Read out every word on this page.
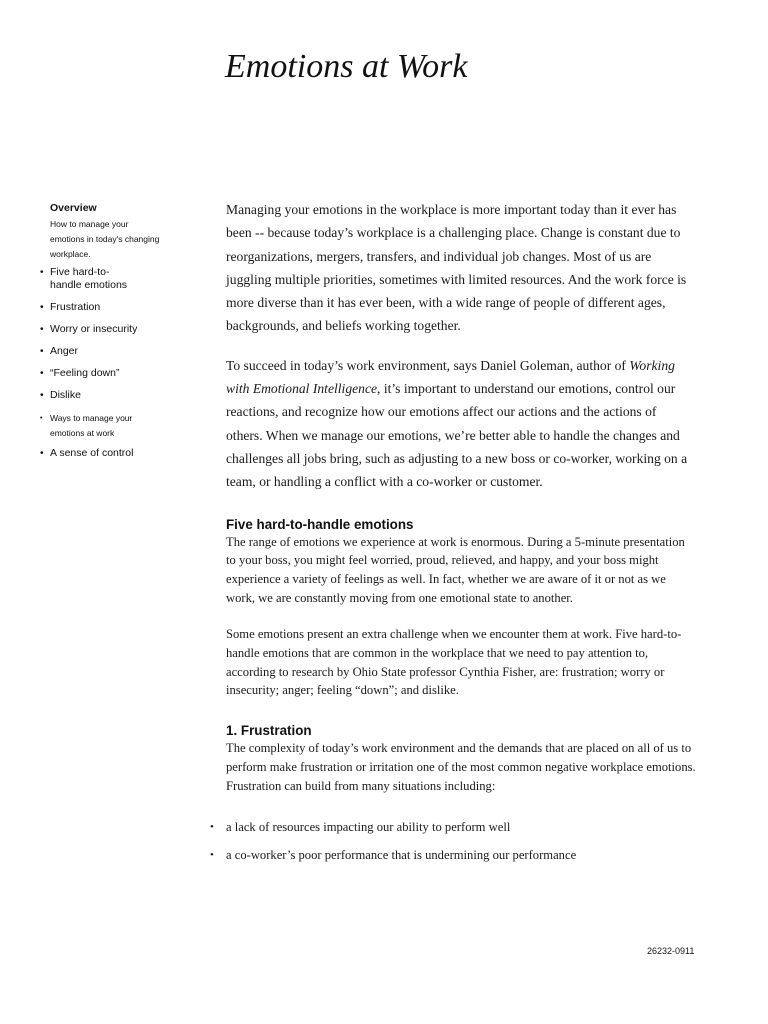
Emotions at Work
Overview
How to manage your emotions in today's changing workplace.
• Five hard-to-handle emotions
• Frustration
• Worry or insecurity
• Anger
• “Feeling down”
• Dislike
• Ways to manage your emotions at work
• A sense of control

Managing your emotions in the workplace is more important today than it ever has been -- because today’s workplace is a challenging place. Change is constant due to reorganizations, mergers, transfers, and individual job changes. Most of us are juggling multiple priorities, sometimes with limited resources. And the work force is more diverse than it has ever been, with a wide range of people of different ages, backgrounds, and beliefs working together.

To succeed in today’s work environment, says Daniel Goleman, author of Working with Emotional Intelligence, it’s important to understand our emotions, control our reactions, and recognize how our emotions affect our actions and the actions of others. When we manage our emotions, we’re better able to handle the changes and challenges all jobs bring, such as adjusting to a new boss or co-worker, working on a team, or handling a conflict with a co-worker or customer.

Five hard-to-handle emotions

The range of emotions we experience at work is enormous. During a 5-minute presentation to your boss, you might feel worried, proud, relieved, and happy, and your boss might experience a variety of feelings as well. In fact, whether we are aware of it or not as we work, we are constantly moving from one emotional state to another.

Some emotions present an extra challenge when we encounter them at work. Five hard-to-handle emotions that are common in the workplace that we need to pay attention to, according to research by Ohio State professor Cynthia Fisher, are: frustration; worry or insecurity; anger; feeling “down”; and dislike.

1. Frustration

The complexity of today’s work environment and the demands that are placed on all of us to perform make frustration or irritation one of the most common negative workplace emotions. Frustration can build from many situations including:

• a lack of resources impacting our ability to perform well
• a co-worker’s poor performance that is undermining our performance
26232-0911
